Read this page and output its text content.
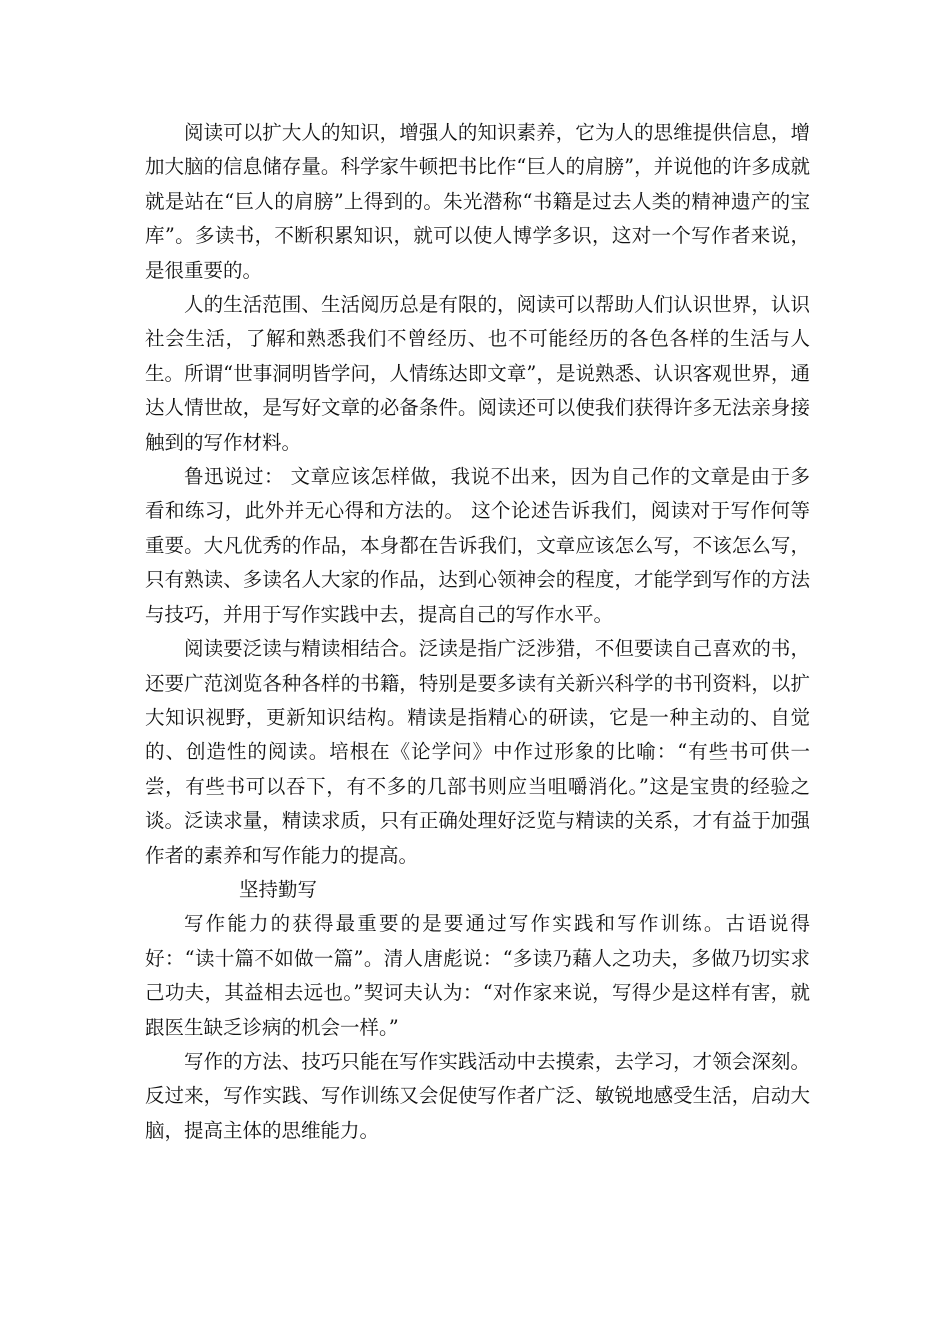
阅读可以扩大人的知识，增强人的知识素养，它为人的思维提供信息，增加大脑的信息储存量。科学家牛顿把书比作“巨人的肩膀”，并说他的许多成就就是站在“巨人的肩膀”上得到的。朱光潜称“书籍是过去人类的精神遗产的宝库”。多读书，不断积累知识，就可以使人博学多识，这对一个写作者来说，是很重要的。

人的生活范围、生活阅历总是有限的，阅读可以帮助人们认识世界，认识社会生活，了解和熟悉我们不曾经历、也不可能经历的各色各样的生活与人生。所谓“世事洞明皆学问，人情练达即文章”，是说熟悉、认识客观世界，通达人情世故，是写好文章的必备条件。阅读还可以使我们获得许多无法亲身接触到的写作材料。

鲁迅说过： 文章应该怎样做，我说不出来，因为自己作的文章是由于多看和练习，此外并无心得和方法的。 这个论述告诉我们，阅读对于写作何等重要。大凡优秀的作品，本身都在告诉我们，文章应该怎么写，不该怎么写，只有熟读、多读名人大家的作品，达到心领神会的程度，才能学到写作的方法与技巧，并用于写作实践中去，提高自己的写作水平。

阅读要泛读与精读相结合。泛读是指广泛涉猎，不但要读自己喜欢的书，还要广范浏览各种各样的书籍，特别是要多读有关新兴科学的书刊资料，以扩大知识视野，更新知识结构。精读是指精心的研读，它是一种主动的、自觉的、创造性的阅读。培根在《论学问》中作过形象的比喻：“有些书可供一尝，有些书可以吞下，有不多的几部书则应当咀嚼消化。”这是宝贵的经验之谈。泛读求量，精读求质，只有正确处理好泛览与精读的关系，才有益于加强作者的素养和写作能力的提高。

坚持勤写

写作能力的获得最重要的是要通过写作实践和写作训练。古语说得好：“读十篇不如做一篇”。清人唐彪说：“多读乃藉人之功夫，多做乃切实求己功夫，其益相去远也。”契诃夫认为：“对作家来说，写得少是这样有害，就跟医生缺乏诊病的机会一样。”

写作的方法、技巧只能在写作实践活动中去摸索，去学习，才领会深刻。反过来，写作实践、写作训练又会促使写作者广泛、敏锐地感受生活，启动大脑，提高主体的思维能力。
